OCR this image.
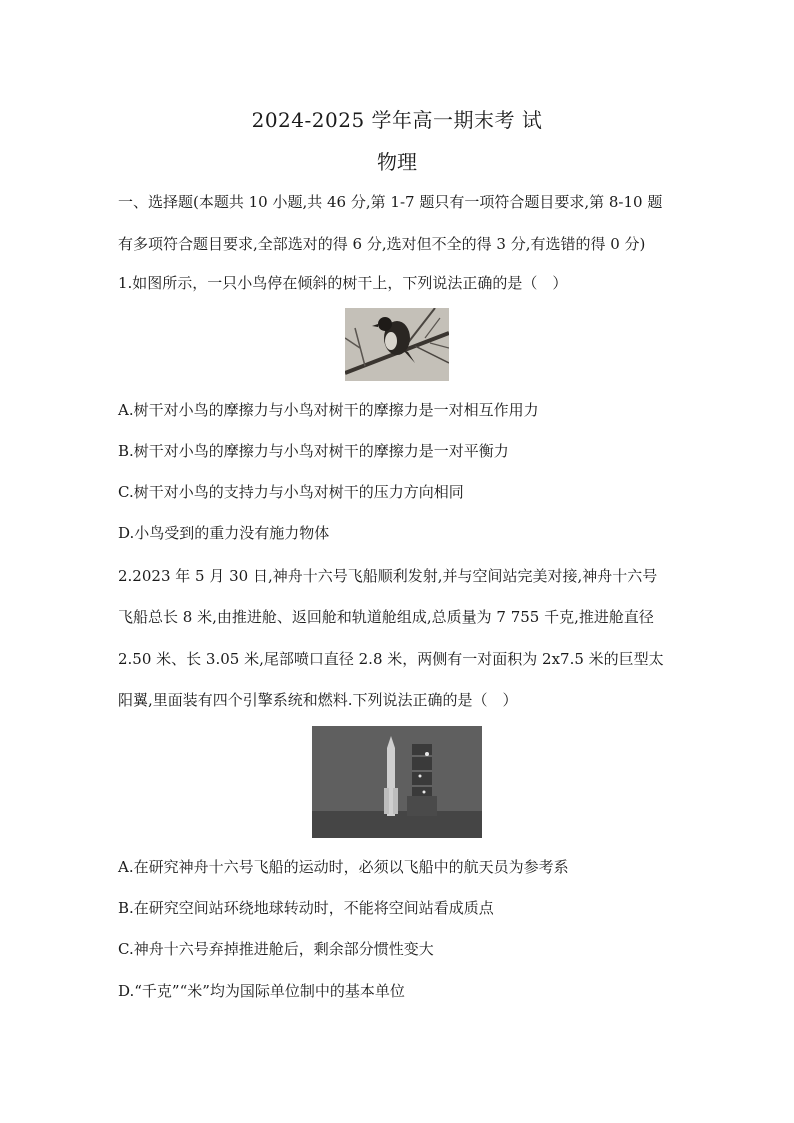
2024-2025 学年高一期末考 试
物理
一、选择题(本题共 10 小题,共 46 分,第 1-7 题只有一项符合题目要求,第 8-10 题
有多项符合题目要求,全部选对的得 6 分,选对但不全的得 3 分,有选错的得 0 分)
1.如图所示，一只小鸟停在倾斜的树干上，下列说法正确的是（　）
A.树干对小鸟的摩擦力与小鸟对树干的摩擦力是一对相互作用力
B.树干对小鸟的摩擦力与小鸟对树干的摩擦力是一对平衡力
C.树干对小鸟的支持力与小鸟对树干的压力方向相同
D.小鸟受到的重力没有施力物体
2.2023 年 5 月 30 日,神舟十六号飞船顺利发射,并与空间站完美对接,神舟十六号
飞船总长 8 米,由推进舱、返回舱和轨道舱组成,总质量为 7 755 千克,推进舱直径
2.50 米、长 3.05 米,尾部喷口直径 2.8 米，两侧有一对面积为 2x7.5 米的巨型太
阳翼,里面装有四个引擎系统和燃料.下列说法正确的是（　）
A.在研究神舟十六号飞船的运动时，必须以飞船中的航天员为参考系
B.在研究空间站环绕地球转动时，不能将空间站看成质点
C.神舟十六号弃掉推进舱后，剩余部分惯性变大
D.“千克”“米”均为国际单位制中的基本单位
